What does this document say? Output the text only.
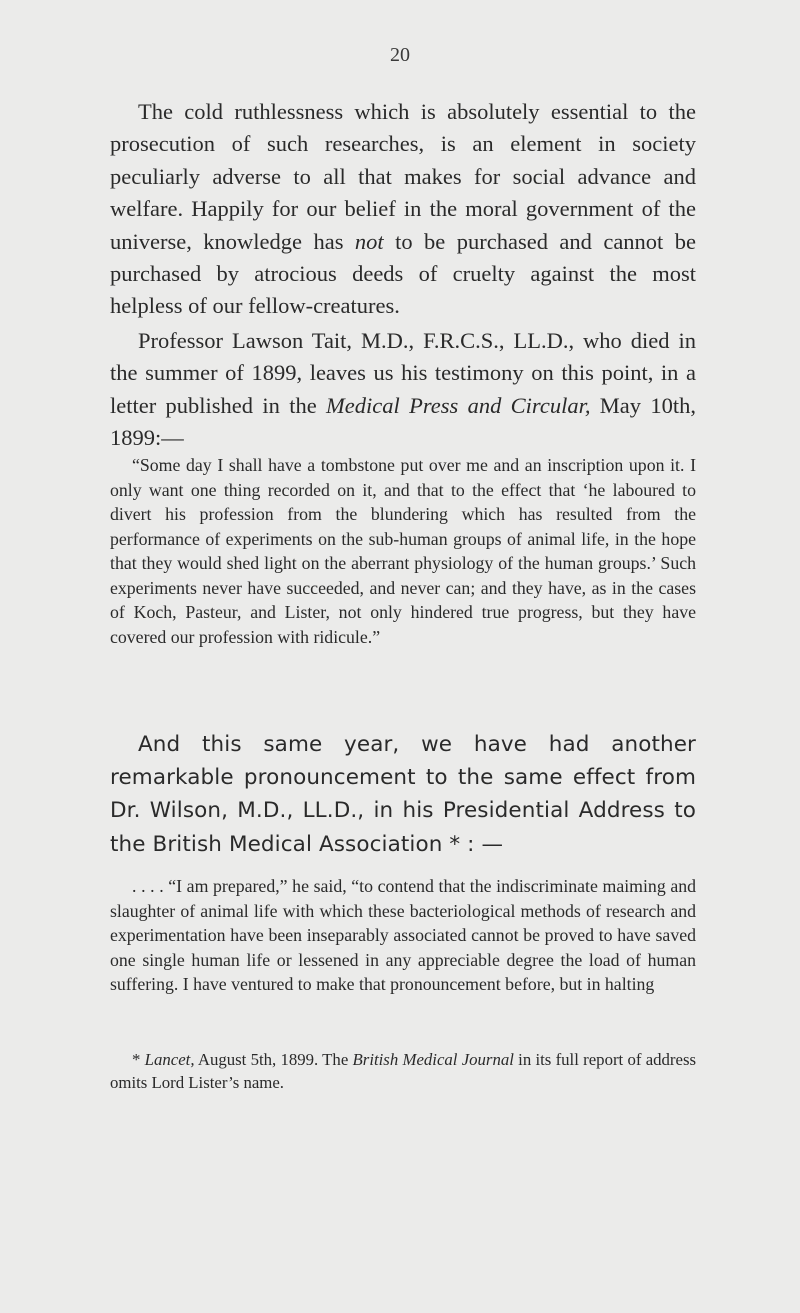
20

The cold ruthlessness which is absolutely essential to the prosecution of such researches, is an element in society peculiarly adverse to all that makes for social advance and welfare. Happily for our belief in the moral government of the universe, knowledge has not to be purchased and cannot be purchased by atrocious deeds of cruelty against the most helpless of our fellow-creatures.

Professor Lawson Tait, M.D., F.R.C.S., LL.D., who died in the summer of 1899, leaves us his testimony on this point, in a letter published in the Medical Press and Circular, May 10th, 1899:—

“Some day I shall have a tombstone put over me and an inscription upon it. I only want one thing recorded on it, and that to the effect that ‘he laboured to divert his profession from the blundering which has resulted from the performance of experiments on the sub-human groups of animal life, in the hope that they would shed light on the aberrant physiology of the human groups.’ Such experiments never have succeeded, and never can; and they have, as in the cases of Koch, Pasteur, and Lister, not only hindered true progress, but they have covered our profession with ridicule.”

And this same year, we have had another remarkable pronouncement to the same effect from Dr. Wilson, M.D., LL.D., in his Presidential Address to the British Medical Association * : —

. . . . “I am prepared,” he said, “to contend that the indiscriminate maiming and slaughter of animal life with which these bacteriological methods of research and experimentation have been inseparably associated cannot be proved to have saved one single human life or lessened in any appreciable degree the load of human suffering. I have ventured to make that pronouncement before, but in halting

* Lancet, August 5th, 1899. The British Medical Journal in its full report of address omits Lord Lister’s name.
